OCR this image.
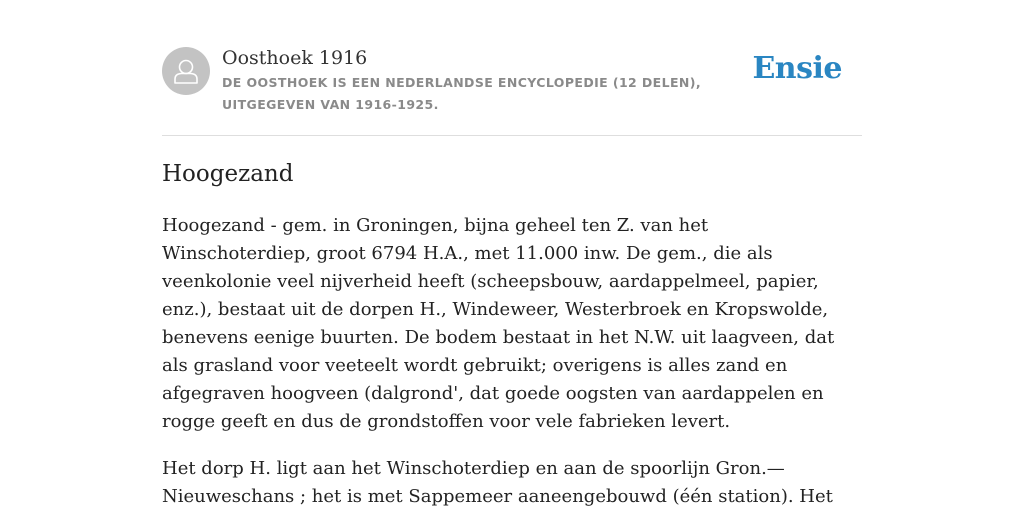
Oosthoek 1916
DE OOSTHOEK IS EEN NEDERLANDSE ENCYCLOPEDIE (12 DELEN), UITGEGEVEN VAN 1916-1925.
Ensie
Hoogezand

Hoogezand - gem. in Groningen, bijna geheel ten Z. van het Winschoterdiep, groot 6794 H.A., met 11.000 inw. De gem., die als veenkolonie veel nijverheid heeft (scheepsbouw, aardappelmeel, papier, enz.), bestaat uit de dorpen H., Windeweer, Westerbroek en Kropswolde, benevens eenige buurten. De bodem bestaat in het N.W. uit laagveen, dat als grasland voor veeteelt wordt gebruikt; overigens is alles zand en afgegraven hoogveen (dalgrond', dat goede oogsten van aardappelen en rogge geeft en dus de grondstoffen voor vele fabrieken levert.

Het dorp H. ligt aan het Winschoterdiep en aan de spoorlijn Gron.— Nieuweschans ; het is met Sappemeer aaneengebouwd (één station). Het
